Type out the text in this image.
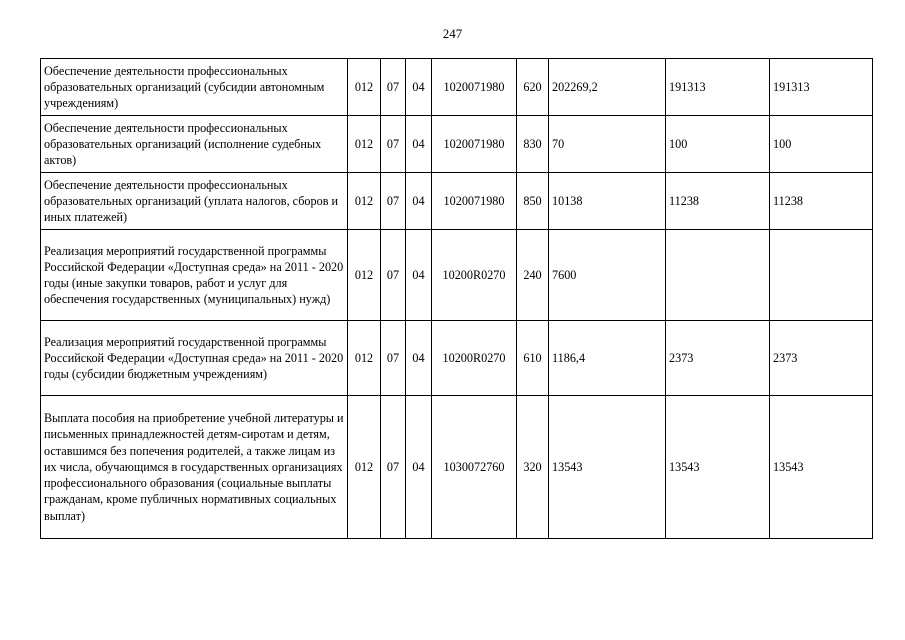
247
Обеспечение деятельности профессиональных образовательных организаций (субсидии автономным учреждениям)	012	07	04	1020071980	620	202269,2	191313	191313
Обеспечение деятельности профессиональных образовательных организаций (исполнение судебных актов)	012	07	04	1020071980	830	70	100	100
Обеспечение деятельности профессиональных образовательных организаций (уплата налогов, сборов и иных платежей)	012	07	04	1020071980	850	10138	11238	11238
Реализация мероприятий государственной программы Российской Федерации «Доступная среда» на 2011 - 2020 годы (иные закупки товаров, работ и услуг для обеспечения государственных (муниципальных) нужд)	012	07	04	10200R0270	240	7600		
Реализация мероприятий государственной программы Российской Федерации «Доступная среда» на 2011 - 2020 годы (субсидии бюджетным учреждениям)	012	07	04	10200R0270	610	1186,4	2373	2373
Выплата пособия на приобретение учебной литературы и письменных принадлежностей детям-сиротам и детям, оставшимся без попечения родителей, а также лицам из их числа, обучающимся в государственных организациях профессионального образования (социальные выплаты гражданам, кроме публичных нормативных социальных выплат)	012	07	04	1030072760	320	13543	13543	13543
